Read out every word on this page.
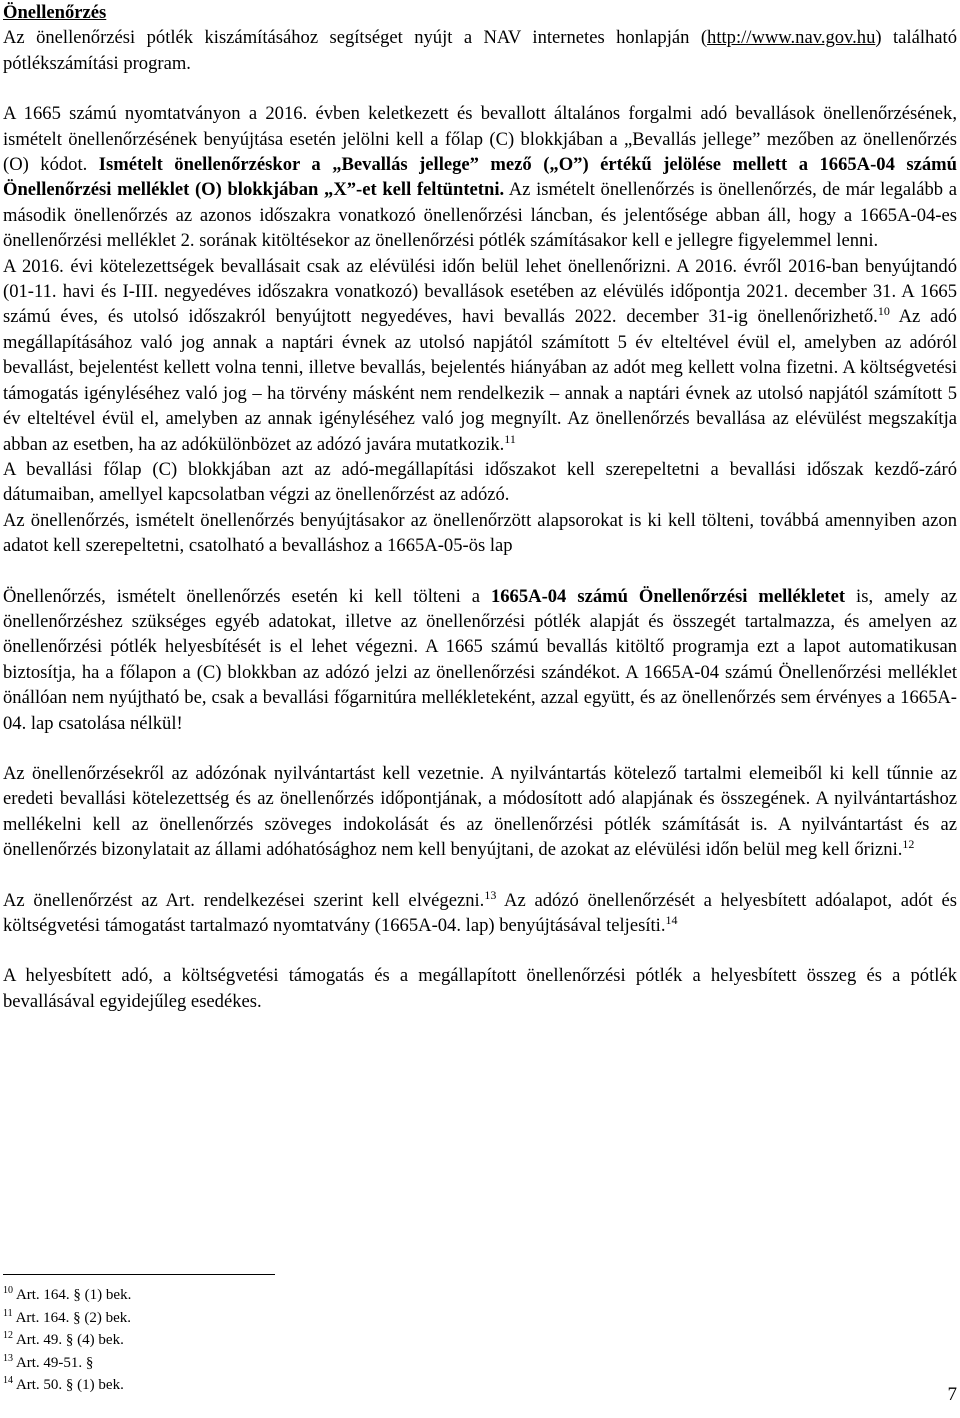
Önellenőrzés

Az önellenőrzési pótlék kiszámításához segítséget nyújt a NAV internetes honlapján (http://www.nav.gov.hu) található pótlékszámítási program.

A 1665 számú nyomtatványon a 2016. évben keletkezett és bevallott általános forgalmi adó bevallások önellenőrzésének, ismételt önellenőrzésének benyújtása esetén jelölni kell a főlap (C) blokkjában a „Bevallás jellege” mezőben az önellenőrzés (O) kódot. Ismételt önellenőrzéskor a „Bevallás jellege” mező („O”) értékű jelölése mellett a 1665A-04 számú Önellenőrzési melléklet (O) blokkjában „X”-et kell feltüntetni. Az ismételt önellenőrzés is önellenőrzés, de már legalább a második önellenőrzés az azonos időszakra vonatkozó önellenőrzési láncban, és jelentősége abban áll, hogy a 1665A-04-es önellenőrzési melléklet 2. sorának kitöltésekor az önellenőrzési pótlék számításakor kell e jellegre figyelemmel lenni.

A 2016. évi kötelezettségek bevallásait csak az elévülési időn belül lehet önellenőrizni. A 2016. évről 2016-ban benyújtandó (01-11. havi és I-III. negyedéves időszakra vonatkozó) bevallások esetében az elévülés időpontja 2021. december 31. A 1665 számú éves, és utolsó időszakról benyújtott negyedéves, havi bevallás 2022. december 31-ig önellenőrizhető.$^{10}$ Az adó megállapításához való jog annak a naptári évnek az utolsó napjától számított 5 év elteltével évül el, amelyben az adóról bevallást, bejelentést kellett volna tenni, illetve bevallás, bejelentés hiányában az adót meg kellett volna fizetni. A költségvetési támogatás igényléséhez való jog – ha törvény másként nem rendelkezik – annak a naptári évnek az utolsó napjától számított 5 év elteltével évül el, amelyben az annak igényléséhez való jog megnyílt. Az önellenőrzés bevallása az elévülést megszakítja abban az esetben, ha az adókülönbözet az adózó javára mutatkozik.$^{11}$

A bevallási főlap (C) blokkjában azt az adó-megállapítási időszakot kell szerepeltetni a bevallási időszak kezdő-záró dátumaiban, amellyel kapcsolatban végzi az önellenőrzést az adózó.

Az önellenőrzés, ismételt önellenőrzés benyújtásakor az önellenőrzött alapsorokat is ki kell tölteni, továbbá amennyiben azon adatot kell szerepeltetni, csatolható a bevalláshoz a 1665A-05-ös lap

Önellenőrzés, ismételt önellenőrzés esetén ki kell tölteni a 1665A-04 számú Önellenőrzési mellékletet is, amely az önellenőrzéshez szükséges egyéb adatokat, illetve az önellenőrzési pótlék alapját és összegét tartalmazza, és amelyen az önellenőrzési pótlék helyesbítését is el lehet végezni. A 1665 számú bevallás kitöltő programja ezt a lapot automatikusan biztosítja, ha a főlapon a (C) blokkban az adózó jelzi az önellenőrzési szándékot. A 1665A-04 számú Önellenőrzési melléklet önállóan nem nyújtható be, csak a bevallási főgarnitúra mellékleteként, azzal együtt, és az önellenőrzés sem érvényes a 1665A-04. lap csatolása nélkül!

Az önellenőrzésekről az adózónak nyilvántartást kell vezetnie. A nyilvántartás kötelező tartalmi elemeiből ki kell tűnnie az eredeti bevallási kötelezettség és az önellenőrzés időpontjának, a módosított adó alapjának és összegének. A nyilvántartáshoz mellékelni kell az önellenőrzés szöveges indokolását és az önellenőrzési pótlék számítását is. A nyilvántartást és az önellenőrzés bizonylatait az állami adóhatósághoz nem kell benyújtani, de azokat az elévülési időn belül meg kell őrizni.$^{12}$

Az önellenőrzést az Art. rendelkezései szerint kell elvégezni.$^{13}$ Az adózó önellenőrzését a helyesbített adóalapot, adót és költségvetési támogatást tartalmazó nyomtatvány (1665A-04. lap) benyújtásával teljesíti.$^{14}$

A helyesbített adó, a költségvetési támogatás és a megállapított önellenőrzési pótlék a helyesbített összeg és a pótlék bevallásával egyidejűleg esedékes.

$^{10}$ Art. 164. § (1) bek.
$^{11}$ Art. 164. § (2) bek.
$^{12}$ Art. 49. § (4) bek.
$^{13}$ Art. 49-51. §
$^{14}$ Art. 50. § (1) bek.	7
